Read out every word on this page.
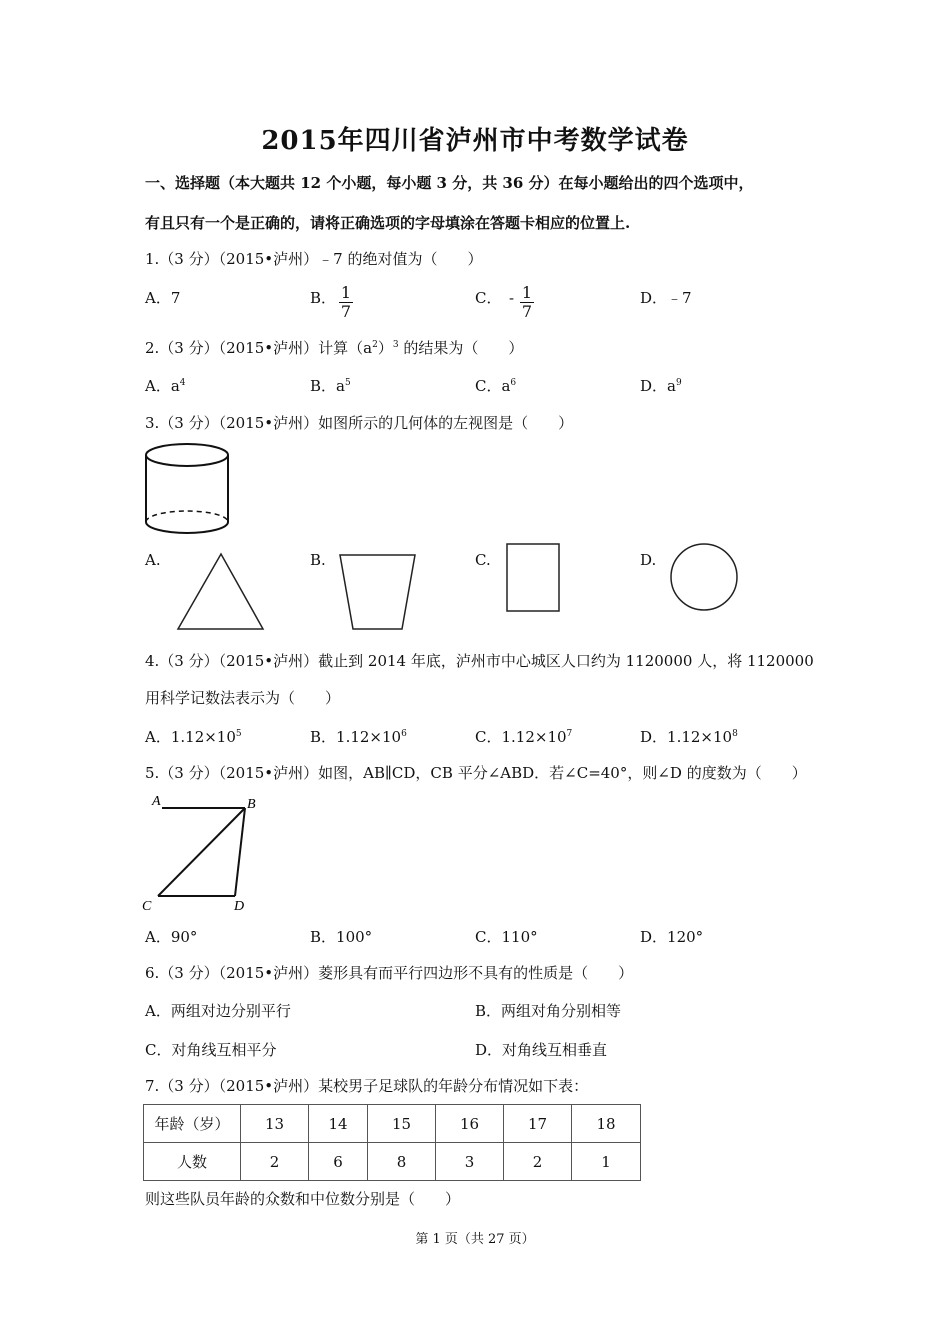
2015年四川省泸州市中考数学试卷
一、选择题（本大题共 12 个小题，每小题 3 分，共 36 分）在每小题给出的四个选项中，
有且只有一个是正确的，请将正确选项的字母填涂在答题卡相应的位置上.
1.（3 分）（2015•泸州）﹣7 的绝对值为（　　）
A．7	B． $\frac{1}{7}$	C． - $\frac{1}{7}$	D．﹣7
2.（3 分）（2015•泸州）计算$(a^2)^3$ 的结果为（　　）
A．$a^4$	B．$a^5$	C．$a^6$	D．$a^9$
3.（3 分）（2015•泸州）如图所示的几何体的左视图是（　　）
A.	B.	C.	D.
4.（3 分）（2015•泸州）截止到 2014 年底，泸州市中心城区人口约为 1120000 人，将 1120000
用科学记数法表示为（　　）
A．$1.12\times 10^5$	B．$1.12\times 10^6$	C．$1.12\times 10^7$	D．$1.12\times 10^8$
5.（3 分）（2015•泸州）如图，AB∥CD，CB 平分∠ABD．若∠C=40°，则∠D 的度数为（　　）
A	B
C	D
A．90°	B．100°	C．110°	D．120°
6.（3 分）（2015•泸州）菱形具有而平行四边形不具有的性质是（　　）
A．两组对边分别平行	B．两组对角分别相等
C．对角线互相平分	D．对角线互相垂直
7.（3 分）（2015•泸州）某校男子足球队的年龄分布情况如下表：
年龄（岁）	13	14	15	16	17	18
人数	2	6	8	3	2	1
则这些队员年龄的众数和中位数分别是（　　）
第 1 页（共 27 页）
